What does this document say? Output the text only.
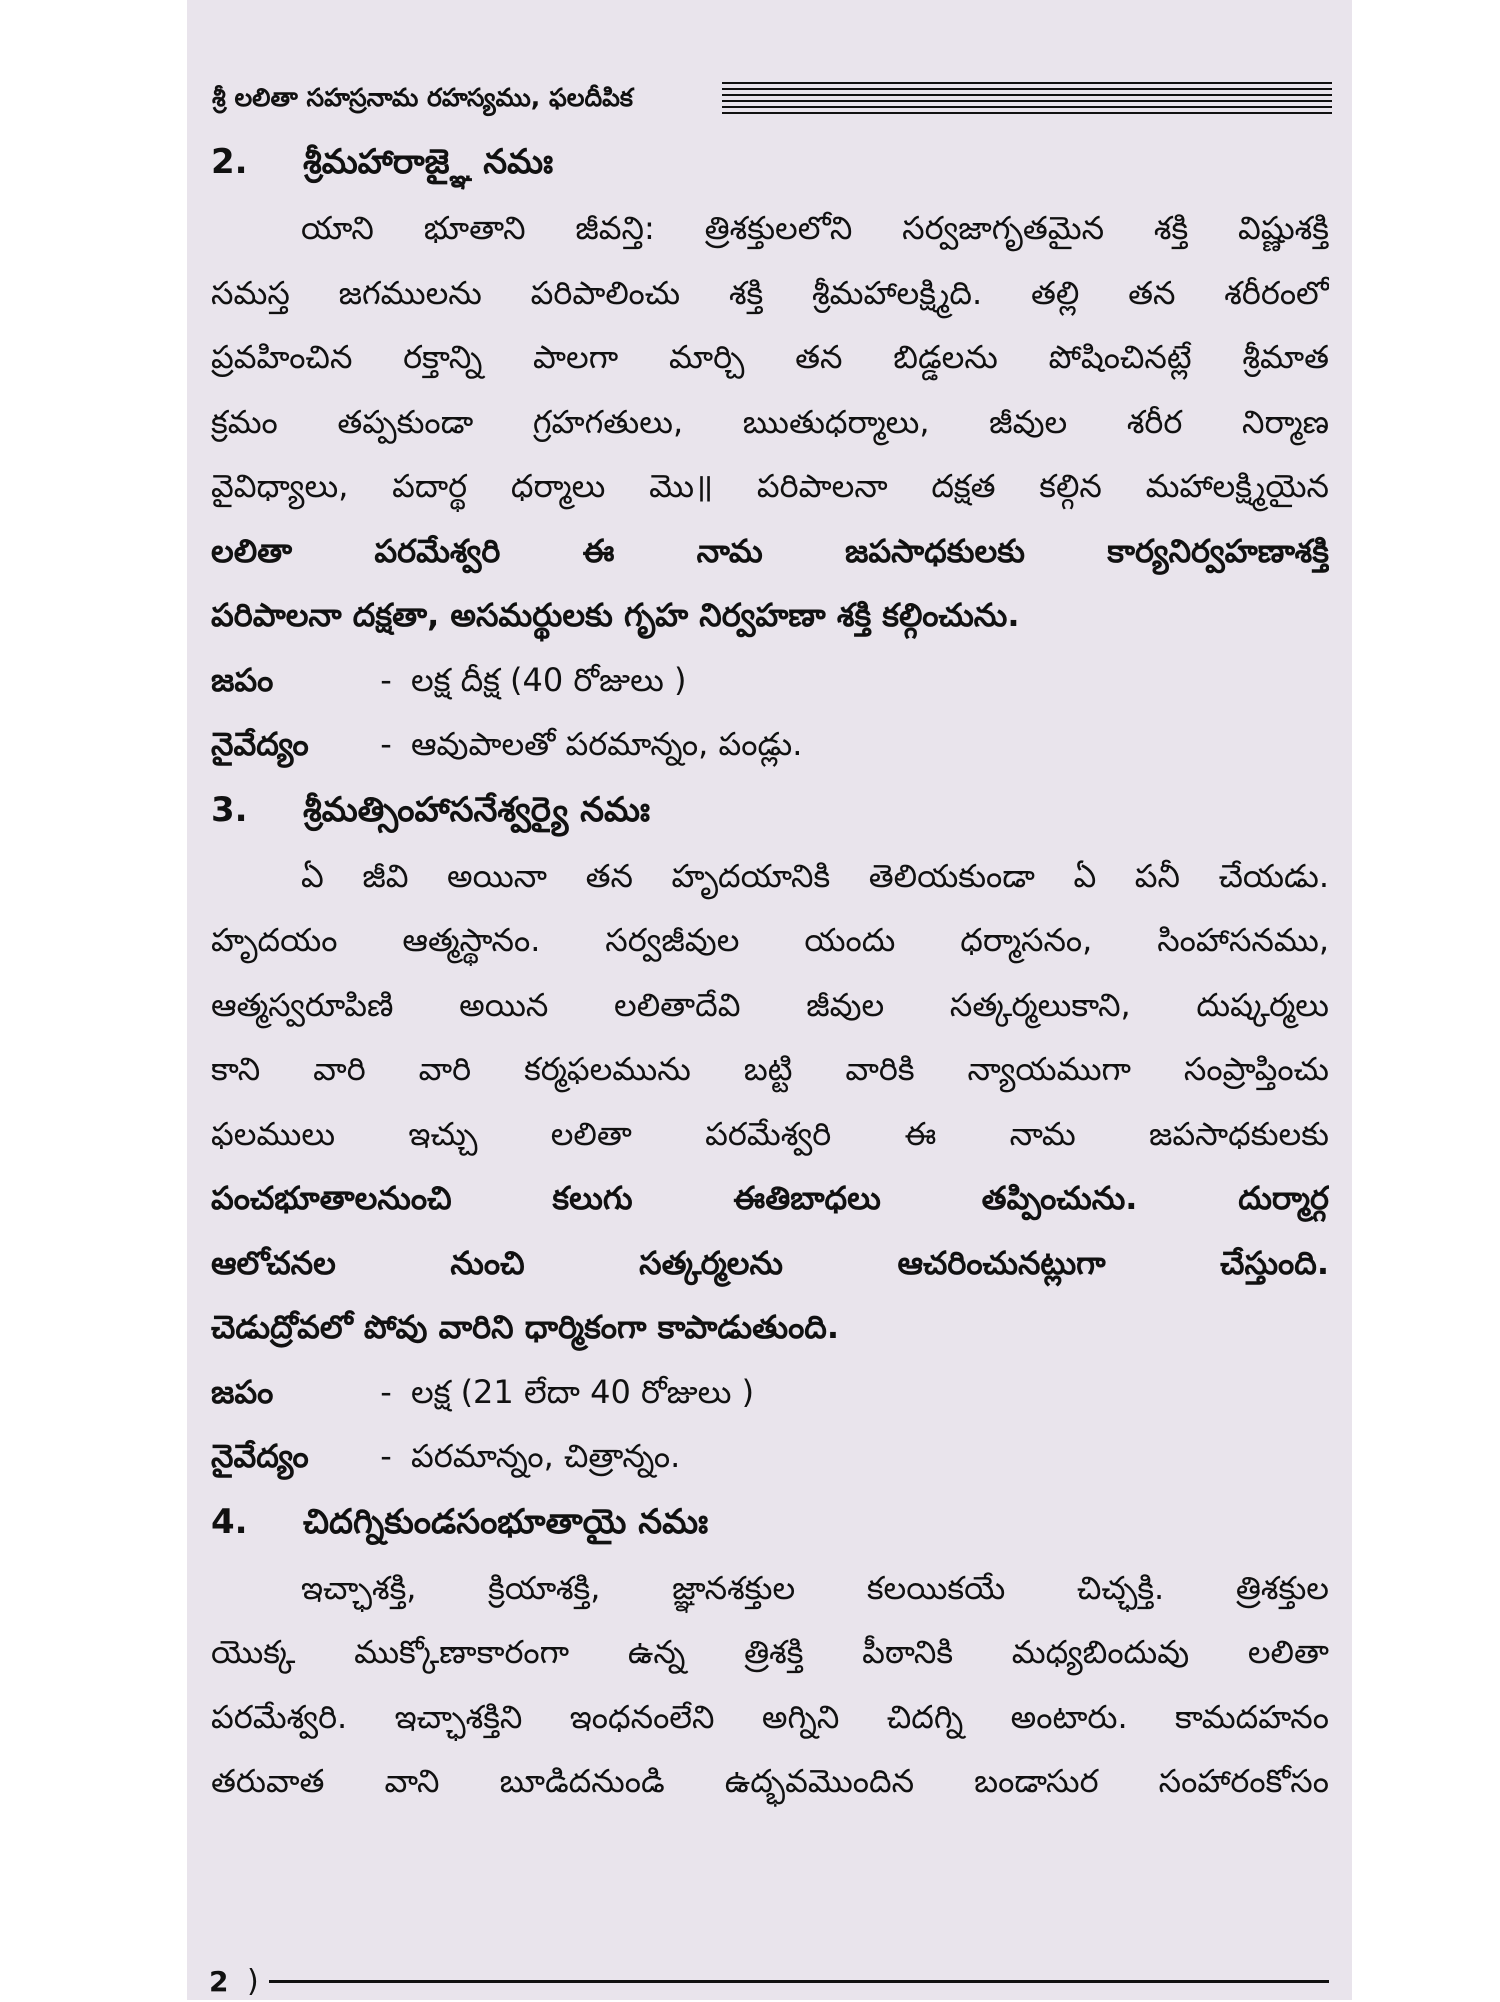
శ్రీ లలితా సహస్రనామ రహస్యము, ఫలదీపిక
2. శ్రీమహారాజ్ఞై నమః
యాని భూతాని జీవన్తి: త్రిశక్తులలోని సర్వజాగృతమైన శక్తి విష్ణుశక్తి
సమస్త జగములను పరిపాలించు శక్తి శ్రీమహాలక్ష్మిది. తల్లి తన శరీరంలో
ప్రవహించిన రక్తాన్ని పాలగా మార్చి తన బిడ్డలను పోషించినట్లే శ్రీమాత
క్రమం తప్పకుండా గ్రహగతులు, ఋతుధర్మాలు, జీవుల శరీర నిర్మాణ
వైవిధ్యాలు, పదార్థ ధర్మాలు మొ॥ పరిపాలనా దక్షత కల్గిన మహాలక్ష్మియైన
లలితా పరమేశ్వరి ఈ నామ జపసాధకులకు కార్యనిర్వహణాశక్తి
పరిపాలనా దక్షతా, అసమర్థులకు గృహ నిర్వహణా శక్తి కల్గించును.
జపం	- లక్ష దీక్ష (40 రోజులు )
నైవేద్యం - ఆవుపాలతో పరమాన్నం, పండ్లు.
3. శ్రీమత్సింహాసనేశ్వర్యై నమః
ఏ జీవి అయినా తన హృదయానికి తెలియకుండా ఏ పనీ చేయడు.
హృదయం ఆత్మస్థానం. సర్వజీవుల యందు ధర్మాసనం, సింహాసనము,
ఆత్మస్వరూపిణి అయిన లలితాదేవి జీవుల సత్కర్మలుకాని, దుష్కర్మలు
కాని వారి వారి కర్మఫలమును బట్టి వారికి న్యాయముగా సంప్రాప్తించు
ఫలములు ఇచ్చు లలితా పరమేశ్వరి ఈ నామ జపసాధకులకు
పంచభూతాలనుంచి కలుగు ఈతిబాధలు తప్పించును. దుర్మార్గ
ఆలోచనల నుంచి సత్కర్మలను ఆచరించునట్లుగా చేస్తుంది.
చెడుద్రోవలో పోవు వారిని ధార్మికంగా కాపాడుతుంది.
జపం	- లక్ష (21 లేదా 40 రోజులు )
నైవేద్యం - పరమాన్నం, చిత్రాన్నం.
4. చిదగ్నికుండసంభూతాయై నమః
ఇచ్ఛాశక్తి, క్రియాశక్తి, జ్ఞానశక్తుల కలయికయే చిచ్ఛక్తి. త్రిశక్తుల
యొక్క ముక్కోణాకారంగా ఉన్న త్రిశక్తి పీఠానికి మధ్యబిందువు లలితా
పరమేశ్వరి. ఇచ్ఛాశక్తిని ఇంధనంలేని అగ్నిని చిదగ్ని అంటారు. కామదహనం
తరువాత వాని బూడిదనుండి ఉద్భవమొందిన బండాసుర సంహారంకోసం
2 )
